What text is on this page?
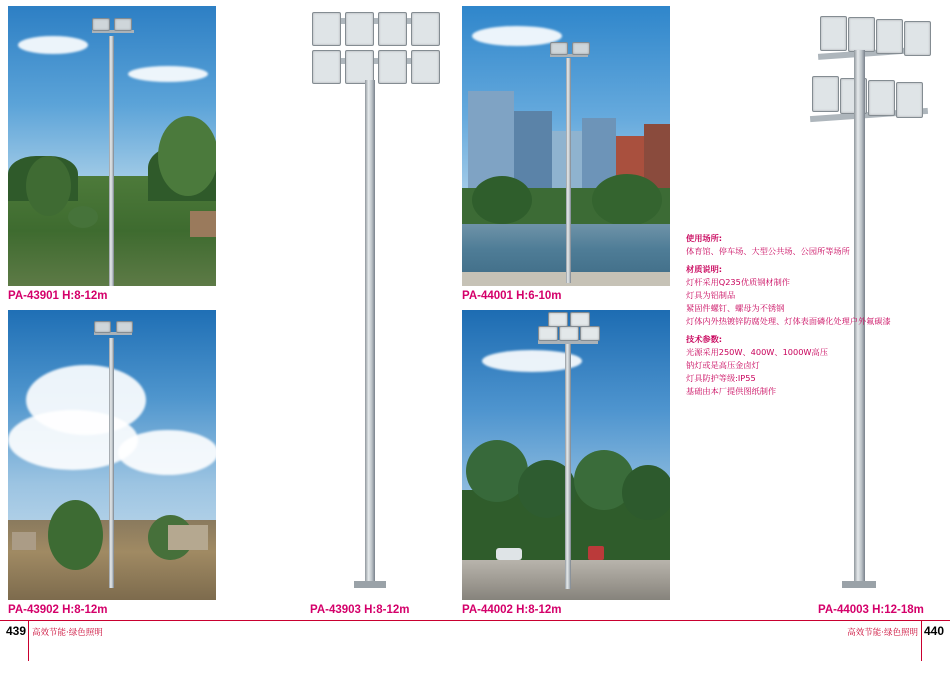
PA-43901 H:8-12m
PA-43902 H:8-12m	PA-43903 H:8-12m
PA-44001 H:6-10m
PA-44002 H:8-12m	PA-44003 H:12-18m
使用场所:
体育馆、停车场、大型公共场、公园所等场所
材质说明:
灯杆采用Q235优质钢材制作
灯具为铝制品
紧固件螺钉、螺母为不锈钢
灯体内外热镀锌防腐处理、灯体表面磷化处理户外氟碳漆
技术参数:
光源采用250W、400W、1000W高压
钠灯或是高压金卤灯
灯具防护等级:IP55
基础由本厂提供图纸制作
439	440
高效节能·绿色照明	高效节能·绿色照明
